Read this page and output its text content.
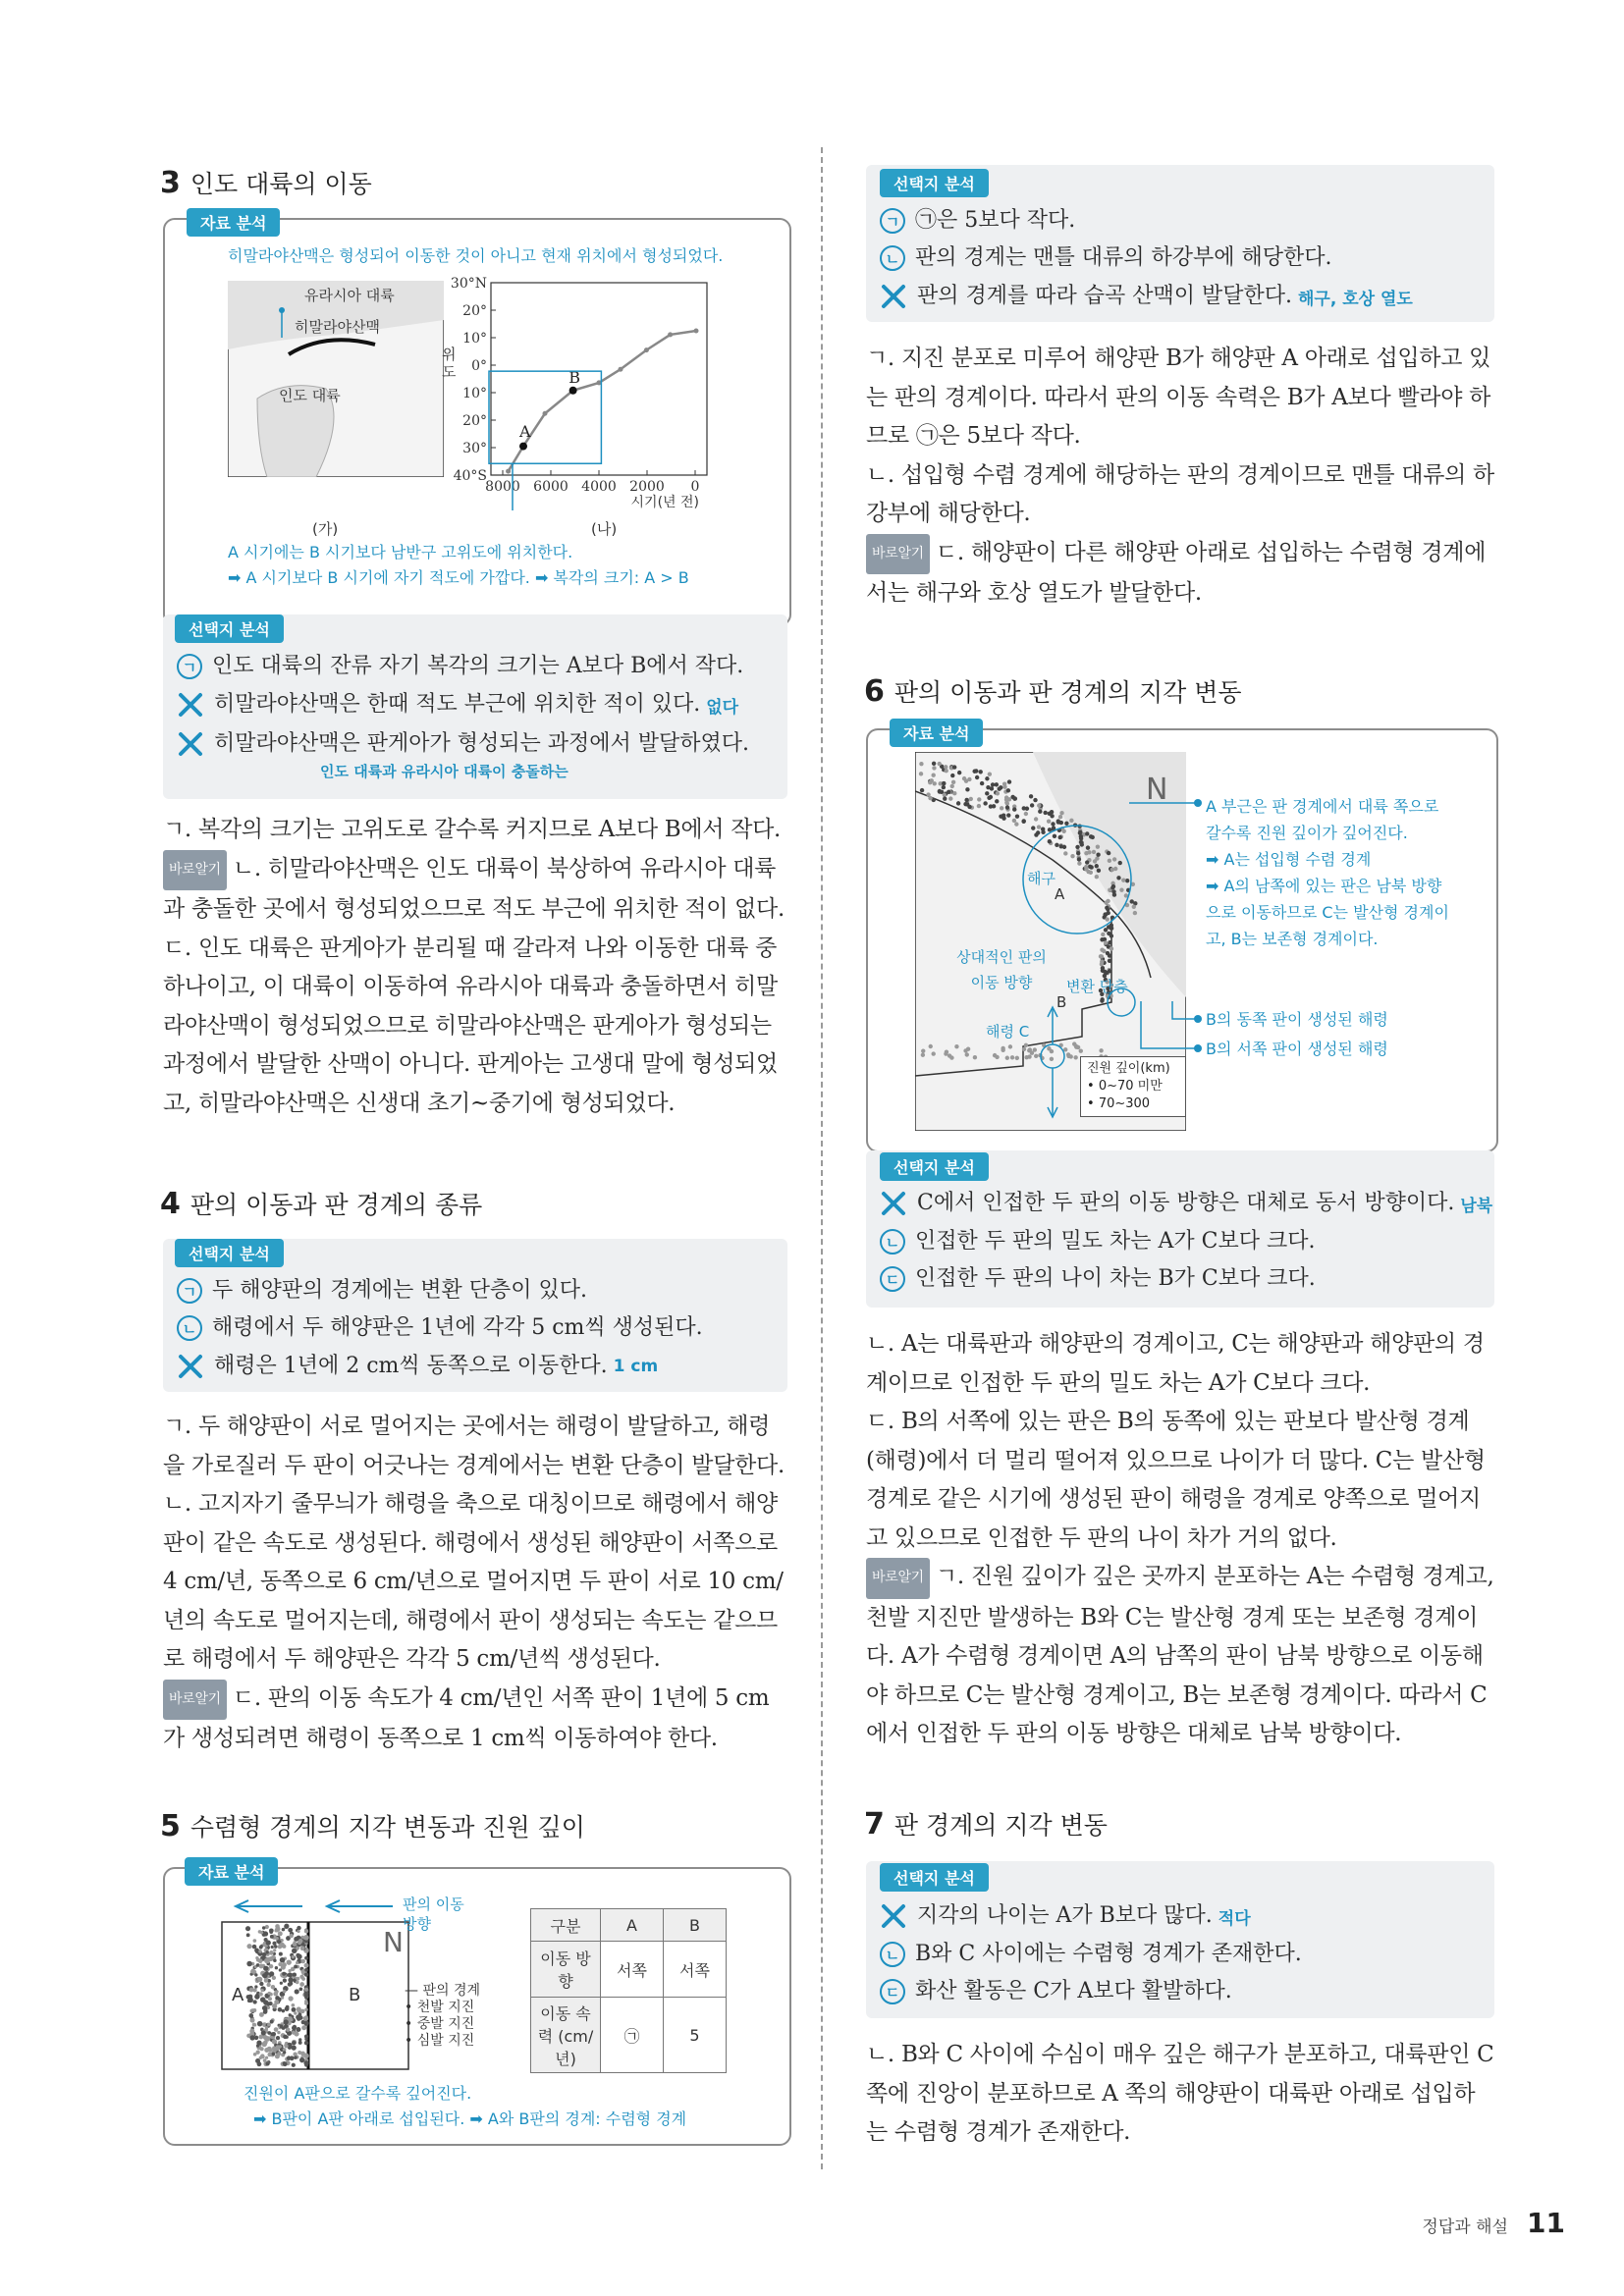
3 인도 대륙의 이동
자료 분석
히말라야산맥은 형성되어 이동한 것이 아니고 현재 위치에서 형성되었다.
유라시아 대륙
히말라야산맥
인도 대륙
30°N
20°
10°
0°
10°
20°
30°
40°S
8000 6000 4000 2000 0
시기(년 전)
A
B
위도
(가)	(나)
A 시기에는 B 시기보다 남반구 고위도에 위치한다.
➡ A 시기보다 B 시기에 자기 적도에 가깝다. ➡ 복각의 크기: A > B
선택지 분석
ㄱ 인도 대륙의 잔류 자기 복각의 크기는 A보다 B에서 작다.
히말라야산맥은 한때 적도 부근에 위치한 적이 있다. 없다
히말라야산맥은 판게아가 형성되는 과정에서 발달하였다.
인도 대륙과 유라시아 대륙이 충돌하는

ㄱ. 복각의 크기는 고위도로 갈수록 커지므로 A보다 B에서 작다.

바로알기 ㄴ. 히말라야산맥은 인도 대륙이 북상하여 유라시아 대륙과 충돌한 곳에서 형성되었으므로 적도 부근에 위치한 적이 없다.

ㄷ. 인도 대륙은 판게아가 분리될 때 갈라져 나와 이동한 대륙 중 하나이고, 이 대륙이 이동하여 유라시아 대륙과 충돌하면서 히말라야산맥이 형성되었으므로 히말라야산맥은 판게아가 형성되는 과정에서 발달한 산맥이 아니다. 판게아는 고생대 말에 형성되었고, 히말라야산맥은 신생대 초기~중기에 형성되었다.

4 판의 이동과 판 경계의 종류
선택지 분석
ㄱ 두 해양판의 경계에는 변환 단층이 있다.
ㄴ 해령에서 두 해양판은 1년에 각각 5 cm씩 생성된다.
해령은 1년에 2 cm씩 동쪽으로 이동한다. 1 cm

ㄱ. 두 해양판이 서로 멀어지는 곳에서는 해령이 발달하고, 해령을 가로질러 두 판이 어긋나는 경계에서는 변환 단층이 발달한다.

ㄴ. 고지자기 줄무늬가 해령을 축으로 대칭이므로 해령에서 해양판이 같은 속도로 생성된다. 해령에서 생성된 해양판이 서쪽으로 4 cm/년, 동쪽으로 6 cm/년으로 멀어지면 두 판이 서로 10 cm/년의 속도로 멀어지는데, 해령에서 판이 생성되는 속도는 같으므로 해령에서 두 해양판은 각각 5 cm/년씩 생성된다.

바로알기 ㄷ. 판의 이동 속도가 4 cm/년인 서쪽 판이 1년에 5 cm가 생성되려면 해령이 동쪽으로 1 cm씩 이동하여야 한다.

5 수렴형 경계의 지각 변동과 진원 깊이
자료 분석
N
판의 이동 방향
A	B	— 판의 경계
• 천발 지진
• 중발 지진
• 심발 지진
구분	A	B
이동 방향	서쪽	서쪽
이동 속력 (cm/년)	㉠	5
진원이 A판으로 갈수록 깊어진다.
➡ B판이 A판 아래로 섭입된다. ➡ A와 B판의 경계: 수렴형 경계
선택지 분석
ㄱ ㉠은 5보다 작다.
ㄴ 판의 경계는 맨틀 대류의 하강부에 해당한다.
판의 경계를 따라 습곡 산맥이 발달한다. 해구, 호상 열도

ㄱ. 지진 분포로 미루어 해양판 B가 해양판 A 아래로 섭입하고 있는 판의 경계이다. 따라서 판의 이동 속력은 B가 A보다 빨라야 하므로 ㉠은 5보다 작다.

ㄴ. 섭입형 수렴 경계에 해당하는 판의 경계이므로 맨틀 대류의 하강부에 해당한다.

바로알기 ㄷ. 해양판이 다른 해양판 아래로 섭입하는 수렴형 경계에서는 해구와 호상 열도가 발달한다.

6 판의 이동과 판 경계의 지각 변동
자료 분석
N
해구
A
B
해령 C
상대적인 판의 이동 방향	변환 단층
진원 깊이(km)
• 0~70 미만
• 70~300
A 부근은 판 경계에서 대륙 쪽으로
갈수록 진원 깊이가 깊어진다.
➡ A는 섭입형 수렴 경계
➡ A의 남쪽에 있는 판은 남북 방향
으로 이동하므로 C는 발산형 경계이
고, B는 보존형 경계이다.
B의 동쪽 판이 생성된 해령
B의 서쪽 판이 생성된 해령
선택지 분석
C에서 인접한 두 판의 이동 방향은 대체로 동서 방향이다. 남북
ㄴ 인접한 두 판의 밀도 차는 A가 C보다 크다.
ㄷ 인접한 두 판의 나이 차는 B가 C보다 크다.

ㄴ. A는 대륙판과 해양판의 경계이고, C는 해양판과 해양판의 경계이므로 인접한 두 판의 밀도 차는 A가 C보다 크다.

ㄷ. B의 서쪽에 있는 판은 B의 동쪽에 있는 판보다 발산형 경계(해령)에서 더 멀리 떨어져 있으므로 나이가 더 많다. C는 발산형 경계로 같은 시기에 생성된 판이 해령을 경계로 양쪽으로 멀어지고 있으므로 인접한 두 판의 나이 차가 거의 없다.

바로알기 ㄱ. 진원 깊이가 깊은 곳까지 분포하는 A는 수렴형 경계고, 천발 지진만 발생하는 B와 C는 발산형 경계 또는 보존형 경계이다. A가 수렴형 경계이면 A의 남쪽의 판이 남북 방향으로 이동해야 하므로 C는 발산형 경계이고, B는 보존형 경계이다. 따라서 C에서 인접한 두 판의 이동 방향은 대체로 남북 방향이다.

7 판 경계의 지각 변동
선택지 분석
지각의 나이는 A가 B보다 많다. 적다
ㄴ B와 C 사이에는 수렴형 경계가 존재한다.
ㄷ 화산 활동은 C가 A보다 활발하다.

ㄴ. B와 C 사이에 수심이 매우 깊은 해구가 분포하고, 대륙판인 C 쪽에 진앙이 분포하므로 A 쪽의 해양판이 대륙판 아래로 섭입하는 수렴형 경계가 존재한다.

정답과 해설 11
